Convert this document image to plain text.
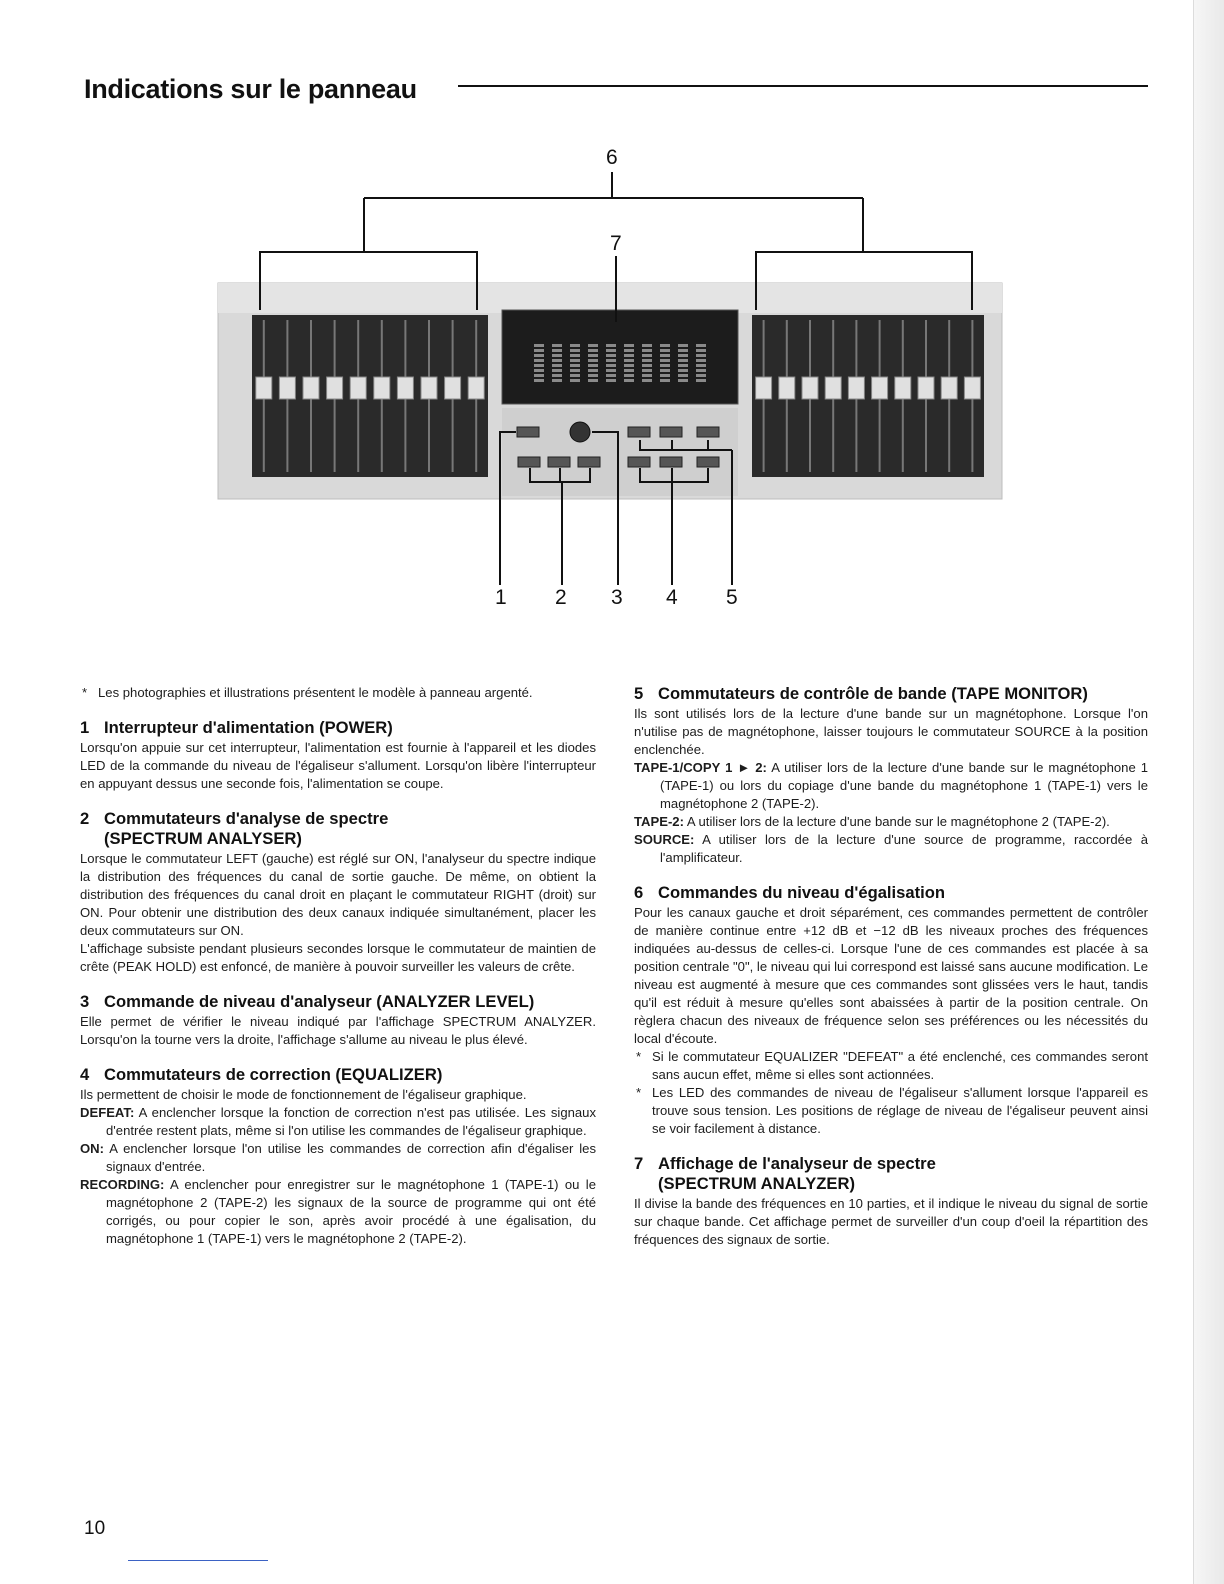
Indications sur le panneau
6
7
1 2 3 4 5

* Les photographies et illustrations présentent le modèle à panneau argenté.

1 Interrupteur d'alimentation (POWER)

Lorsqu'on appuie sur cet interrupteur, l'alimentation est fournie à l'appareil et les diodes LED de la commande du niveau de l'égaliseur s'allument. Lorsqu'on libère l'interrupteur en appuyant dessus une seconde fois, l'alimentation se coupe.

2 Commutateurs d'analyse de spectre
(SPECTRUM ANALYSER)

Lorsque le commutateur LEFT (gauche) est réglé sur ON, l'analyseur du spectre indique la distribution des fréquences du canal de sortie gauche. De même, on obtient la distribution des fréquences du canal droit en plaçant le commutateur RIGHT (droit) sur ON. Pour obtenir une distribution des deux canaux indiquée simultanément, placer les deux commutateurs sur ON.

L'affichage subsiste pendant plusieurs secondes lorsque le commutateur de maintien de crête (PEAK HOLD) est enfoncé, de manière à pouvoir surveiller les valeurs de crête.

3 Commande de niveau d'analyseur (ANALYZER LEVEL)

Elle permet de vérifier le niveau indiqué par l'affichage SPECTRUM ANALYZER. Lorsqu'on la tourne vers la droite, l'affichage s'allume au niveau le plus élevé.

4 Commutateurs de correction (EQUALIZER)

Ils permettent de choisir le mode de fonctionnement de l'égaliseur graphique.

DEFEAT: A enclencher lorsque la fonction de correction n'est pas utilisée. Les signaux d'entrée restent plats, même si l'on utilise les commandes de l'égaliseur graphique.

ON: A enclencher lorsque l'on utilise les commandes de correction afin d'égaliser les signaux d'entrée.

RECORDING: A enclencher pour enregistrer sur le magnétophone 1 (TAPE-1) ou le magnétophone 2 (TAPE-2) les signaux de la source de programme qui ont été corrigés, ou pour copier le son, après avoir procédé à une égalisation, du magnétophone 1 (TAPE-1) vers le magnétophone 2 (TAPE-2).

5 Commutateurs de contrôle de bande (TAPE MONITOR)

Ils sont utilisés lors de la lecture d'une bande sur un magnétophone. Lorsque l'on n'utilise pas de magnétophone, laisser toujours le commutateur SOURCE à la position enclenchée.

TAPE-1/COPY 1 ► 2: A utiliser lors de la lecture d'une bande sur le magnétophone 1 (TAPE-1) ou lors du copiage d'une bande du magnétophone 1 (TAPE-1) vers le magnétophone 2 (TAPE-2).

TAPE-2: A utiliser lors de la lecture d'une bande sur le magnétophone 2 (TAPE-2).

SOURCE: A utiliser lors de la lecture d'une source de programme, raccordée à l'amplificateur.

6 Commandes du niveau d'égalisation

Pour les canaux gauche et droit séparément, ces commandes permettent de contrôler de manière continue entre +12 dB et −12 dB les niveaux proches des fréquences indiquées au-dessus de celles-ci. Lorsque l'une de ces commandes est placée à sa position centrale "0", le niveau qui lui correspond est laissé sans aucune modification. Le niveau est augmenté à mesure que ces commandes sont glissées vers le haut, tandis qu'il est réduit à mesure qu'elles sont abaissées à partir de la position centrale. On règlera chacun des niveaux de fréquence selon ses préférences ou les nécessités du local d'écoute.

* Si le commutateur EQUALIZER "DEFEAT" a été enclenché, ces commandes seront sans aucun effet, même si elles sont actionnées.

* Les LED des commandes de niveau de l'égaliseur s'allument lorsque l'appareil es trouve sous tension. Les positions de réglage de niveau de l'égaliseur peuvent ainsi se voir facilement à distance.

7 Affichage de l'analyseur de spectre
(SPECTRUM ANALYZER)

Il divise la bande des fréquences en 10 parties, et il indique le niveau du signal de sortie sur chaque bande. Cet affichage permet de surveiller d'un coup d'oeil la répartition des fréquences des signaux de sortie.

10
